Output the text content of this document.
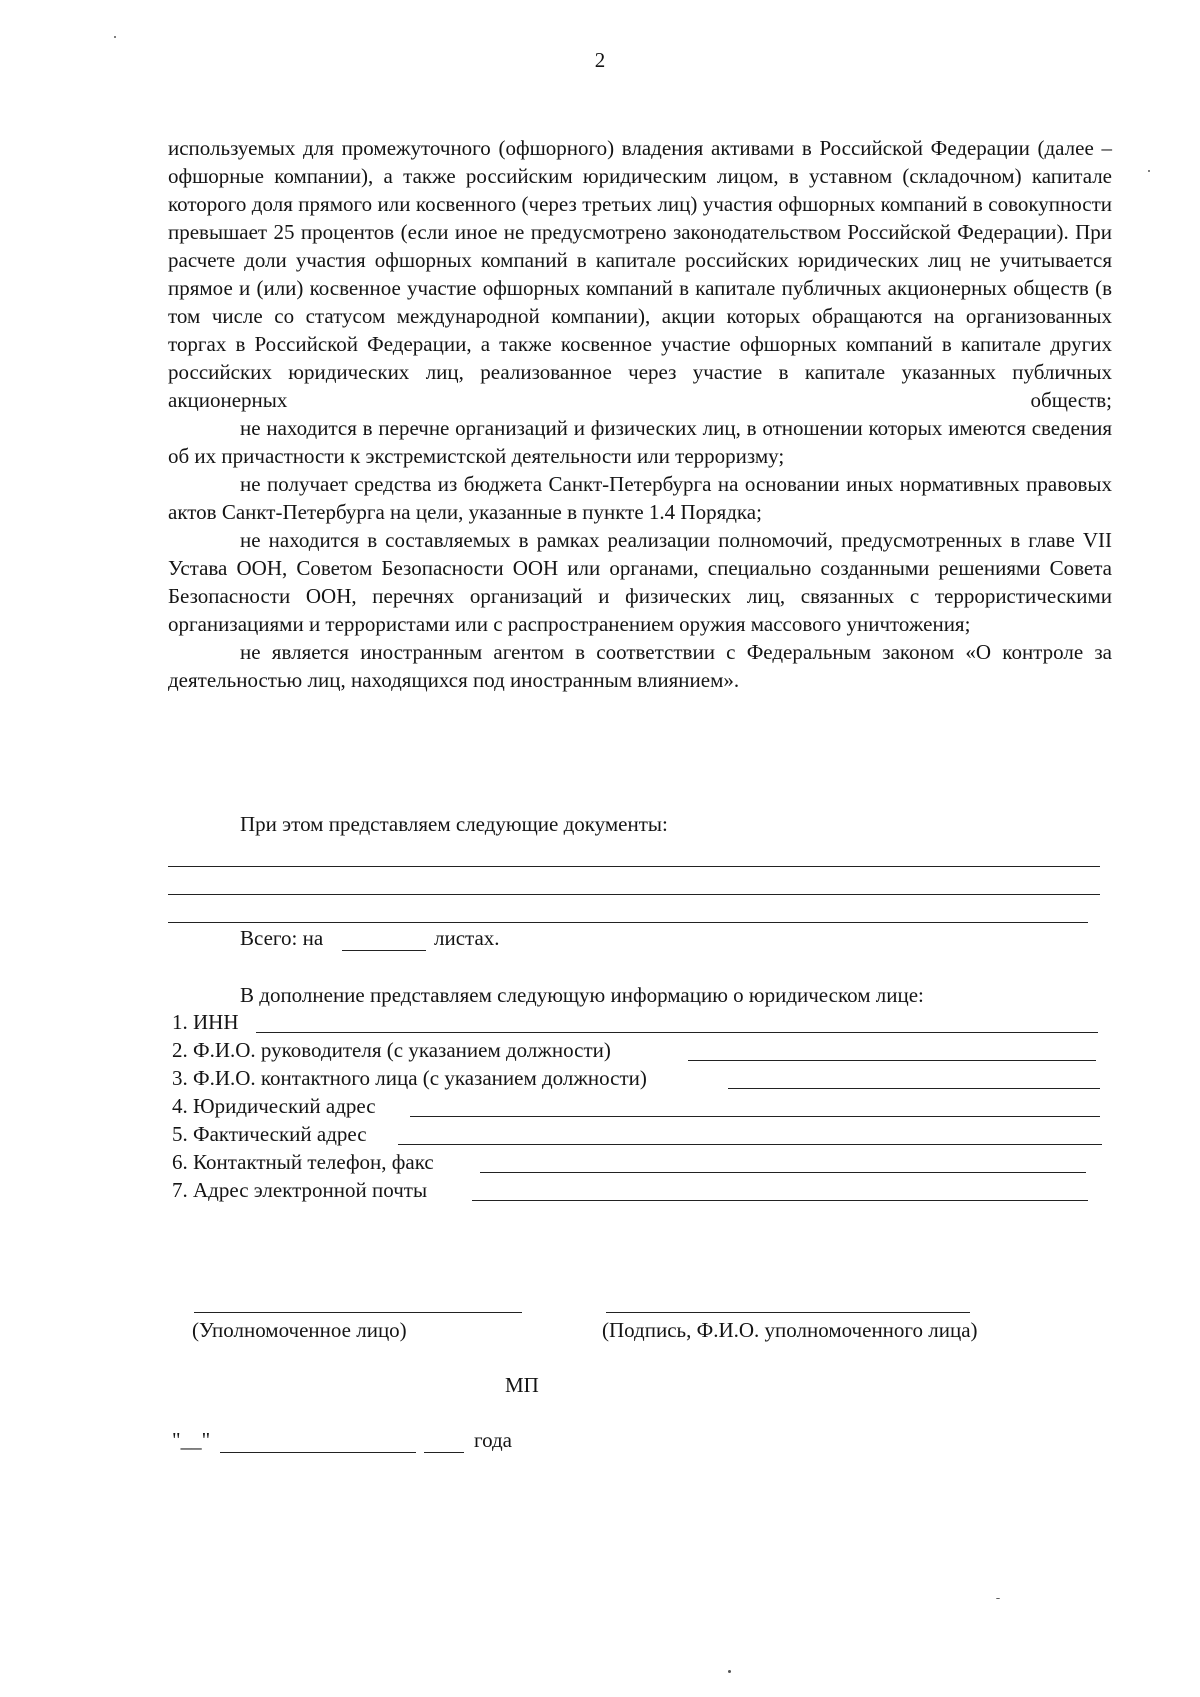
2

используемых для промежуточного (офшорного) владения активами в Российской Федерации (далее – офшорные компании), а также российским юридическим лицом, в уставном (складочном) капитале которого доля прямого или косвенного (через третьих лиц) участия офшорных компаний в совокупности превышает 25 процентов (если иное не предусмотрено законодательством Российской Федерации). При расчете доли участия офшорных компаний в капитале российских юридических лиц не учитывается прямое и (или) косвенное участие офшорных компаний в капитале публичных акционерных обществ (в том числе со статусом международной компании), акции которых обращаются на организованных торгах в Российской Федерации, а также косвенное участие офшорных компаний в капитале других российских юридических лиц, реализованное через участие в капитале указанных публичных акционерных обществ;

не находится в перечне организаций и физических лиц, в отношении которых имеются сведения об их причастности к экстремистской деятельности или терроризму;

не получает средства из бюджета Санкт-Петербурга на основании иных нормативных правовых актов Санкт-Петербурга на цели, указанные в пункте 1.4 Порядка;

не находится в составляемых в рамках реализации полномочий, предусмотренных в главе VII Устава ООН, Советом Безопасности ООН или органами, специально созданными решениями Совета Безопасности ООН, перечнях организаций и физических лиц, связанных с террористическими организациями и террористами или с распространением оружия массового уничтожения;

не является иностранным агентом в соответствии с Федеральным законом «О контроле за деятельностью лиц, находящихся под иностранным влиянием».

При этом представляем следующие документы:
Всего: на	листах.
В дополнение представляем следующую информацию о юридическом лице:
1. ИНН
2. Ф.И.О. руководителя (с указанием должности)
3. Ф.И.О. контактного лица (с указанием должности)
4. Юридический адрес
5. Фактический адрес
6. Контактный телефон, факс
7. Адрес электронной почты
(Уполномоченное лицо)	(Подпись, Ф.И.О. уполномоченного лица)
МП
"__"	года
